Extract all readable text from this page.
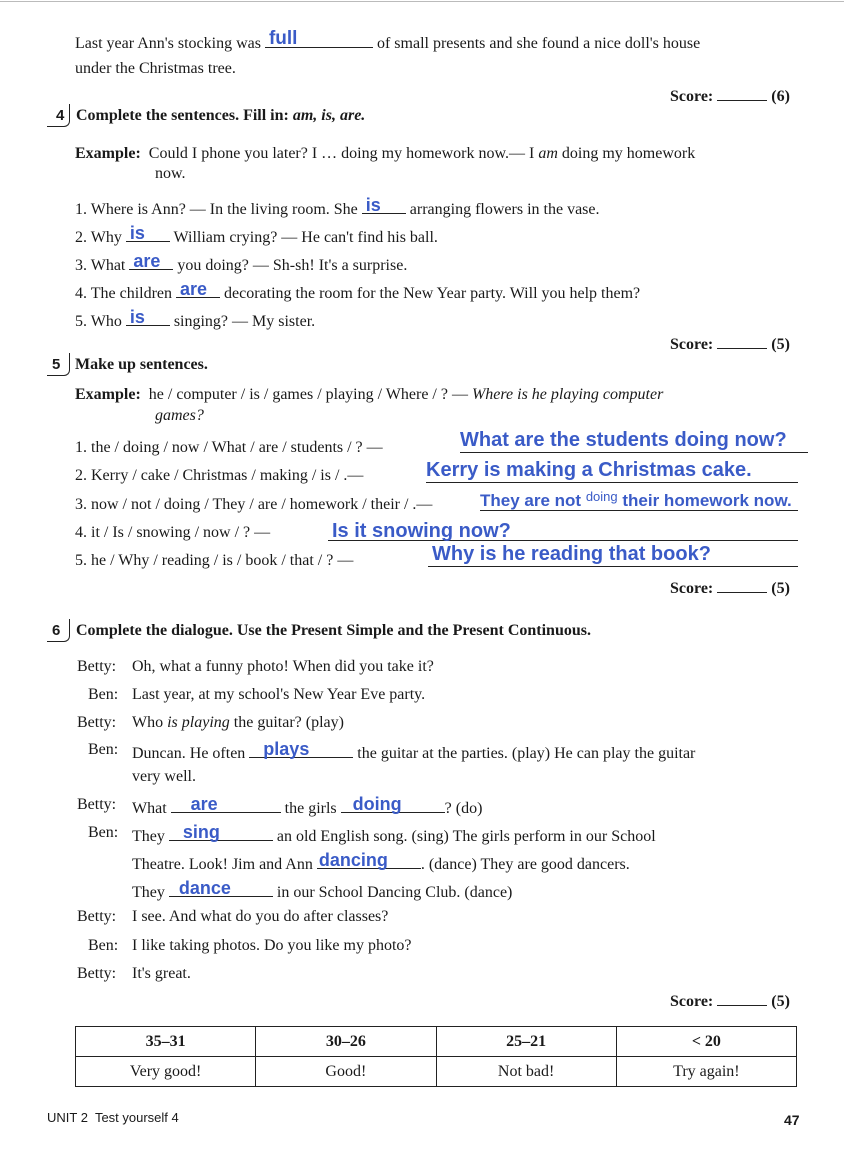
Last year Ann's stocking was full	of small presents and she found a nice doll's house
under the Christmas tree.
Score:	(6)
4 Complete the sentences. Fill in: am, is, are.
Example: Could I phone you later? I … doing my homework now.— I am doing my homework
now.
1. Where is Ann? — In the living room. She is arranging flowers in the vase.
2. Why is William crying? — He can't find his ball.
3. What are you doing? — Sh-sh! It's a surprise.
4. The children are decorating the room for the New Year party. Will you help them?
5. Who is singing? — My sister.
Score:	(5)
5 Make up sentences.
Example: he / computer / is / games / playing / Where / ? — Where is he playing computer
games?
1. the / doing / now / What / are / students / ? —	What are the students doing now?
2. Kerry / cake / Christmas / making / is / .—	Kerry is making a Christmas cake.
3. now / not / doing / They / are / homework / their / .—	They are not $^{doing}$ their homework now.
4. it / Is / snowing / now / ? —	Is it snowing now?
5. he / Why / reading / is / book / that / ? —	Why is he reading that book?
Score:	(5)
6 Complete the dialogue. Use the Present Simple and the Present Continuous.
Betty: Oh, what a funny photo! When did you take it?
Ben: Last year, at my school's New Year Eve party.
Betty: Who is playing the guitar? (play)
Ben: Duncan. He often plays	the guitar at the parties. (play) He can play the guitar
very well.
Betty: What are	the girls doing	? (do)
Ben: They sing	an old English song. (sing) The girls perform in our School
Theatre. Look! Jim and Ann dancing . (dance) They are good dancers.
They dance	in our School Dancing Club. (dance)
Betty: I see. And what do you do after classes?
Ben: I like taking photos. Do you like my photo?
Betty: It's great.
Score:	(5)
35–31	30–26	25–21	< 20
Very good!	Good!	Not bad!	Try again!
UNIT 2 Test yourself 4	47
